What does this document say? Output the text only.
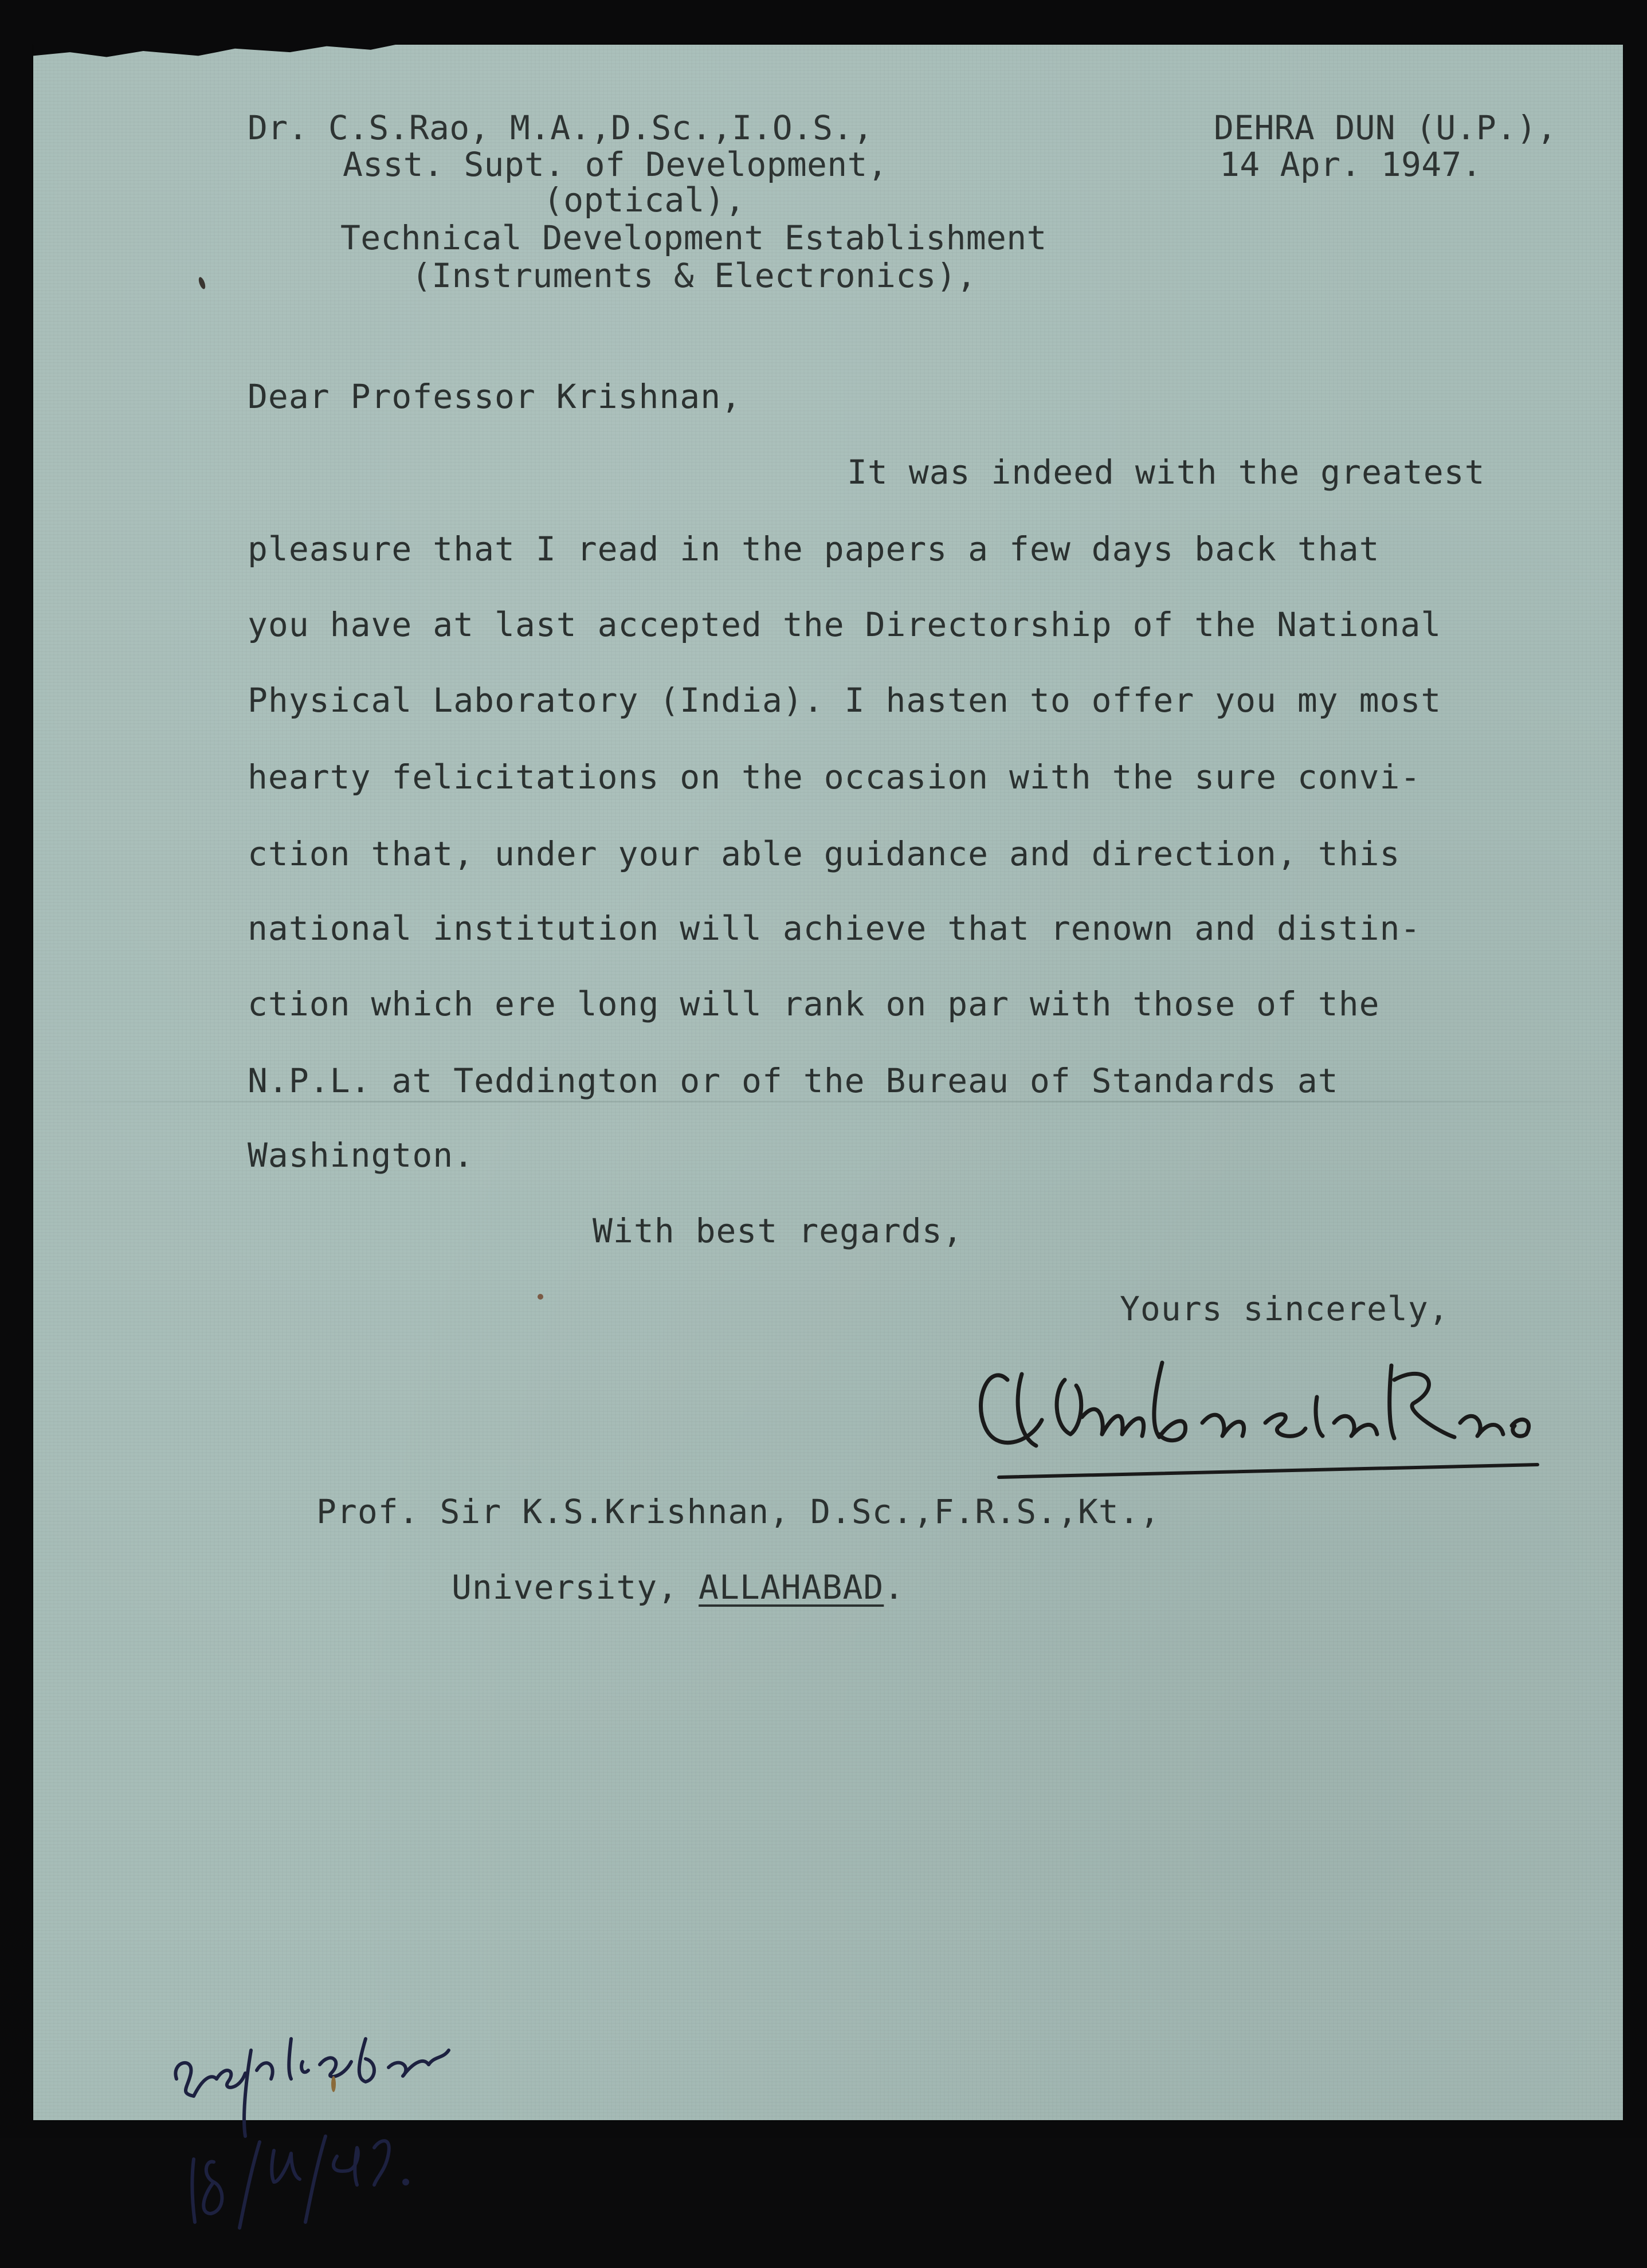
Dr. C.S.Rao, M.A.,D.Sc.,I.O.S.,
Asst. Supt. of Development,
(optical),
Technical Development Establishment
(Instruments & Electronics),
DEHRA DUN (U.P.),
14 Apr. 1947.
Dear Professor Krishnan,
It was indeed with the greatest
pleasure that I read in the papers a few days back that
you have at last accepted the Directorship of the National
Physical Laboratory (India). I hasten to offer you my most
hearty felicitations on the occasion with the sure convi-
ction that, under your able guidance and direction, this
national institution will achieve that renown and distin-
ction which ere long will rank on par with those of the
N.P.L. at Teddington or of the Bureau of Standards at
Washington.
With best regards,
Yours sincerely,
Prof. Sir K.S.Krishnan, D.Sc.,F.R.S.,Kt.,
University, ALLAHABAD.
